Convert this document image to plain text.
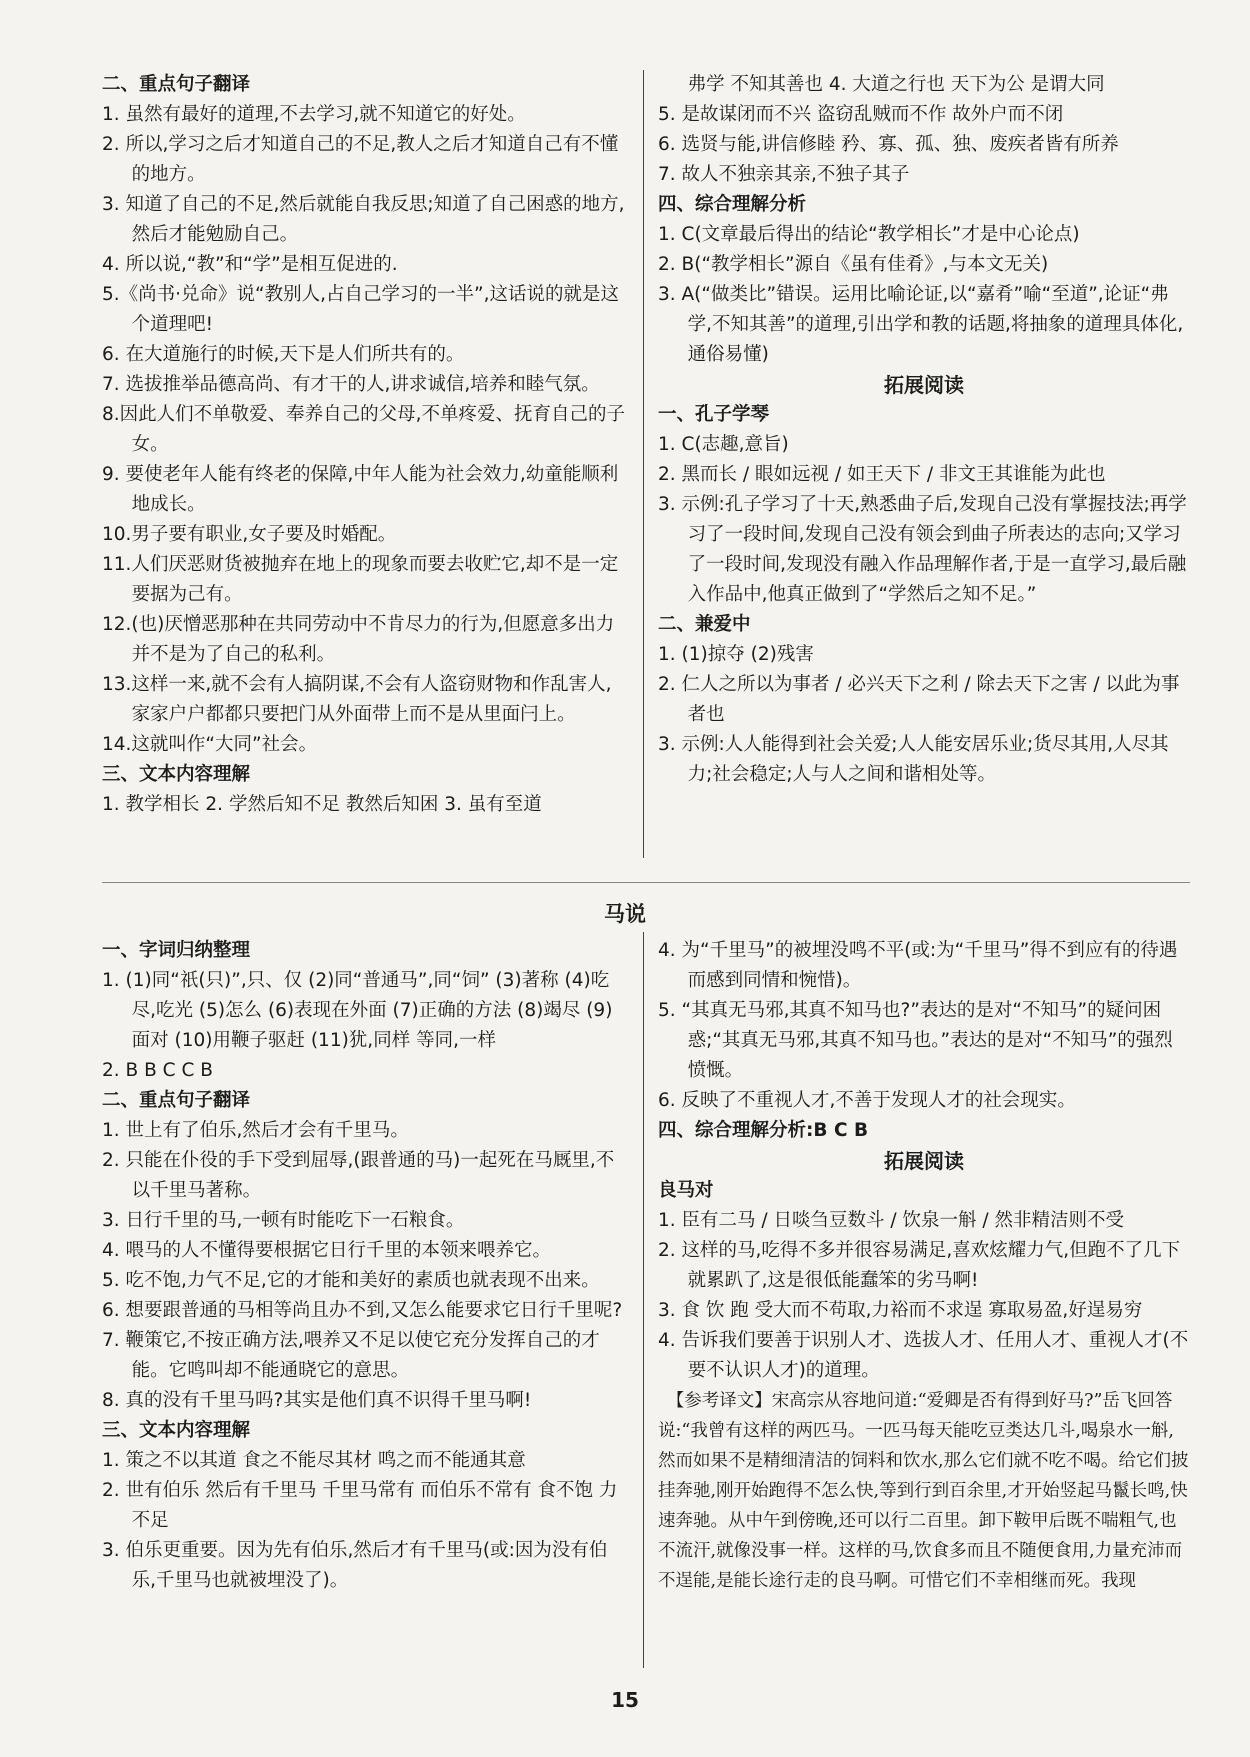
二、重点句子翻译

1. 虽然有最好的道理,不去学习,就不知道它的好处。

2. 所以,学习之后才知道自己的不足,教人之后才知道自己有不懂的地方。

3. 知道了自己的不足,然后就能自我反思;知道了自己困惑的地方,然后才能勉励自己。

4. 所以说,“教”和“学”是相互促进的.

5.《尚书·兑命》说“教别人,占自己学习的一半”,这话说的就是这个道理吧!

6. 在大道施行的时候,天下是人们所共有的。

7. 选拔推举品德高尚、有才干的人,讲求诚信,培养和睦气氛。

8.因此人们不单敬爱、奉养自己的父母,不单疼爱、抚育自己的子女。

9. 要使老年人能有终老的保障,中年人能为社会效力,幼童能顺利地成长。

10.男子要有职业,女子要及时婚配。

11.人们厌恶财货被抛弃在地上的现象而要去收贮它,却不是一定要据为己有。

12.(也)厌憎恶那种在共同劳动中不肯尽力的行为,但愿意多出力并不是为了自己的私利。

13.这样一来,就不会有人搞阴谋,不会有人盗窃财物和作乱害人,家家户户都都只要把门从外面带上而不是从里面闩上。

14.这就叫作“大同”社会。

三、文本内容理解

1. 教学相长 2. 学然后知不足 教然后知困 3. 虽有至道

弗学 不知其善也 4. 大道之行也 天下为公 是谓大同

5. 是故谋闭而不兴 盗窃乱贼而不作 故外户而不闭

6. 选贤与能,讲信修睦 矜、寡、孤、独、废疾者皆有所养

7. 故人不独亲其亲,不独子其子

四、综合理解分析

1. C(文章最后得出的结论“教学相长”才是中心论点)

2. B(“教学相长”源自《虽有佳肴》,与本文无关)

3. A(“做类比”错误。运用比喻论证,以“嘉肴”喻“至道”,论证“弗学,不知其善”的道理,引出学和教的话题,将抽象的道理具体化,通俗易懂)

拓展阅读

一、孔子学琴

1. C(志趣,意旨)

2. 黑而长 / 眼如远视 / 如王天下 / 非文王其谁能为此也

3. 示例:孔子学习了十天,熟悉曲子后,发现自己没有掌握技法;再学习了一段时间,发现自己没有领会到曲子所表达的志向;又学习了一段时间,发现没有融入作品理解作者,于是一直学习,最后融入作品中,他真正做到了“学然后之知不足。”

二、兼爱中

1. (1)掠夺 (2)残害

2. 仁人之所以为事者 / 必兴天下之利 / 除去天下之害 / 以此为事者也

3. 示例:人人能得到社会关爱;人人能安居乐业;货尽其用,人尽其力;社会稳定;人与人之间和谐相处等。

马说

一、字词归纳整理

1. (1)同“祇(只)”,只、仅 (2)同“普通马”,同“饲” (3)著称 (4)吃尽,吃光 (5)怎么 (6)表现在外面 (7)正确的方法 (8)竭尽 (9)面对 (10)用鞭子驱赶 (11)犹,同样 等同,一样

2. B B C C B

二、重点句子翻译

1. 世上有了伯乐,然后才会有千里马。

2. 只能在仆役的手下受到屈辱,(跟普通的马)一起死在马厩里,不以千里马著称。

3. 日行千里的马,一顿有时能吃下一石粮食。

4. 喂马的人不懂得要根据它日行千里的本领来喂养它。

5. 吃不饱,力气不足,它的才能和美好的素质也就表现不出来。

6. 想要跟普通的马相等尚且办不到,又怎么能要求它日行千里呢?

7. 鞭策它,不按正确方法,喂养又不足以使它充分发挥自己的才能。它鸣叫却不能通晓它的意思。

8. 真的没有千里马吗?其实是他们真不识得千里马啊!

三、文本内容理解

1. 策之不以其道 食之不能尽其材 鸣之而不能通其意

2. 世有伯乐 然后有千里马 千里马常有 而伯乐不常有 食不饱 力不足

3. 伯乐更重要。因为先有伯乐,然后才有千里马(或:因为没有伯乐,千里马也就被埋没了)。

4. 为“千里马”的被埋没鸣不平(或:为“千里马”得不到应有的待遇而感到同情和惋惜)。

5. “其真无马邪,其真不知马也?”表达的是对“不知马”的疑问困惑;“其真无马邪,其真不知马也。”表达的是对“不知马”的强烈愤慨。

6. 反映了不重视人才,不善于发现人才的社会现实。

四、综合理解分析:B C B

拓展阅读

良马对

1. 臣有二马 / 日啖刍豆数斗 / 饮泉一斛 / 然非精洁则不受

2. 这样的马,吃得不多并很容易满足,喜欢炫耀力气,但跑不了几下就累趴了,这是很低能蠢笨的劣马啊!

3. 食 饮 跑 受大而不苟取,力裕而不求逞 寡取易盈,好逞易穷

4. 告诉我们要善于识别人才、选拔人才、任用人才、重视人才(不要不认识人才)的道理。

【参考译文】宋高宗从容地问道:“爱卿是否有得到好马?”岳飞回答说:“我曾有这样的两匹马。一匹马每天能吃豆类达几斗,喝泉水一斛,然而如果不是精细清洁的饲料和饮水,那么它们就不吃不喝。给它们披挂奔驰,刚开始跑得不怎么快,等到行到百余里,才开始竖起马鬣长鸣,快速奔驰。从中午到傍晚,还可以行二百里。卸下鞍甲后既不喘粗气,也不流汗,就像没事一样。这样的马,饮食多而且不随便食用,力量充沛而不逞能,是能长途行走的良马啊。可惜它们不幸相继而死。我现

15
